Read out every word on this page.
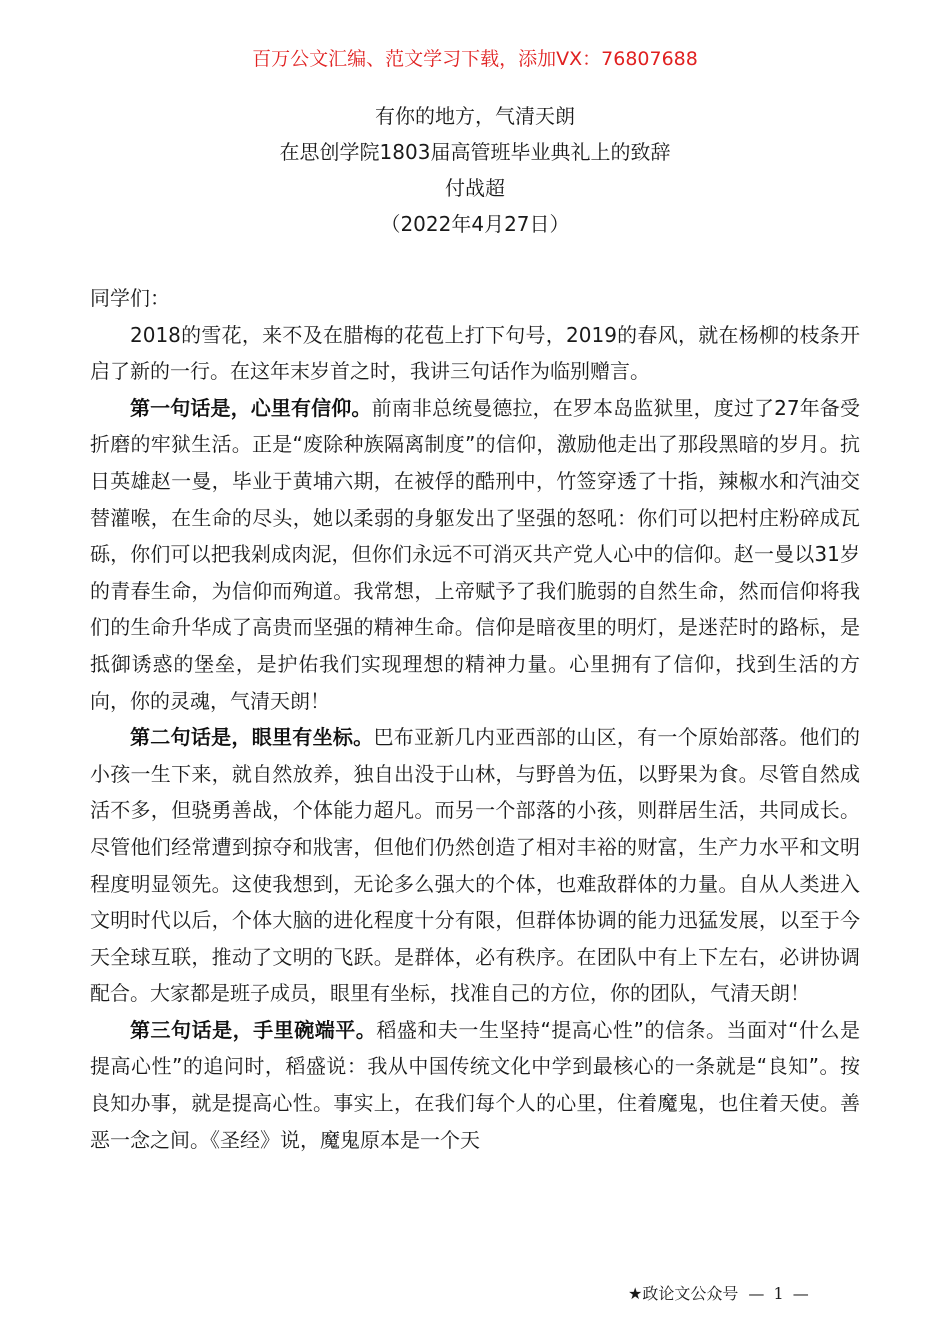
百万公文汇编、范文学习下载，添加VX：76807688
有你的地方，气清天朗
在思创学院1803届高管班毕业典礼上的致辞
付战超
（2022年4月27日）

同学们：

2018的雪花，来不及在腊梅的花苞上打下句号，2019的春风，就在杨柳的枝条开启了新的一行。在这年末岁首之时，我讲三句话作为临别赠言。

第一句话是，心里有信仰。前南非总统曼德拉，在罗本岛监狱里，度过了27年备受折磨的牢狱生活。正是“废除种族隔离制度”的信仰，激励他走出了那段黑暗的岁月。抗日英雄赵一曼，毕业于黄埔六期，在被俘的酷刑中，竹签穿透了十指，辣椒水和汽油交替灌喉，在生命的尽头，她以柔弱的身躯发出了坚强的怒吼：你们可以把村庄粉碎成瓦砾，你们可以把我剁成肉泥，但你们永远不可消灭共产党人心中的信仰。赵一曼以31岁的青春生命，为信仰而殉道。我常想，上帝赋予了我们脆弱的自然生命，然而信仰将我们的生命升华成了高贵而坚强的精神生命。信仰是暗夜里的明灯，是迷茫时的路标，是抵御诱惑的堡垒，是护佑我们实现理想的精神力量。心里拥有了信仰，找到生活的方向，你的灵魂，气清天朗！

第二句话是，眼里有坐标。巴布亚新几内亚西部的山区，有一个原始部落。他们的小孩一生下来，就自然放养，独自出没于山林，与野兽为伍，以野果为食。尽管自然成活不多，但骁勇善战，个体能力超凡。而另一个部落的小孩，则群居生活，共同成长。尽管他们经常遭到掠夺和戕害，但他们仍然创造了相对丰裕的财富，生产力水平和文明程度明显领先。这使我想到，无论多么强大的个体，也难敌群体的力量。自从人类进入文明时代以后，个体大脑的进化程度十分有限，但群体协调的能力迅猛发展，以至于今天全球互联，推动了文明的飞跃。是群体，必有秩序。在团队中有上下左右，必讲协调配合。大家都是班子成员，眼里有坐标，找准自己的方位，你的团队，气清天朗！

第三句话是，手里碗端平。稻盛和夫一生坚持“提高心性”的信条。当面对“什么是提高心性”的追问时，稻盛说：我从中国传统文化中学到最核心的一条就是“良知”。按良知办事，就是提高心性。事实上，在我们每个人的心里，住着魔鬼，也住着天使。善恶一念之间。《圣经》说，魔鬼原本是一个天

★政论文公众号 — 1 —
